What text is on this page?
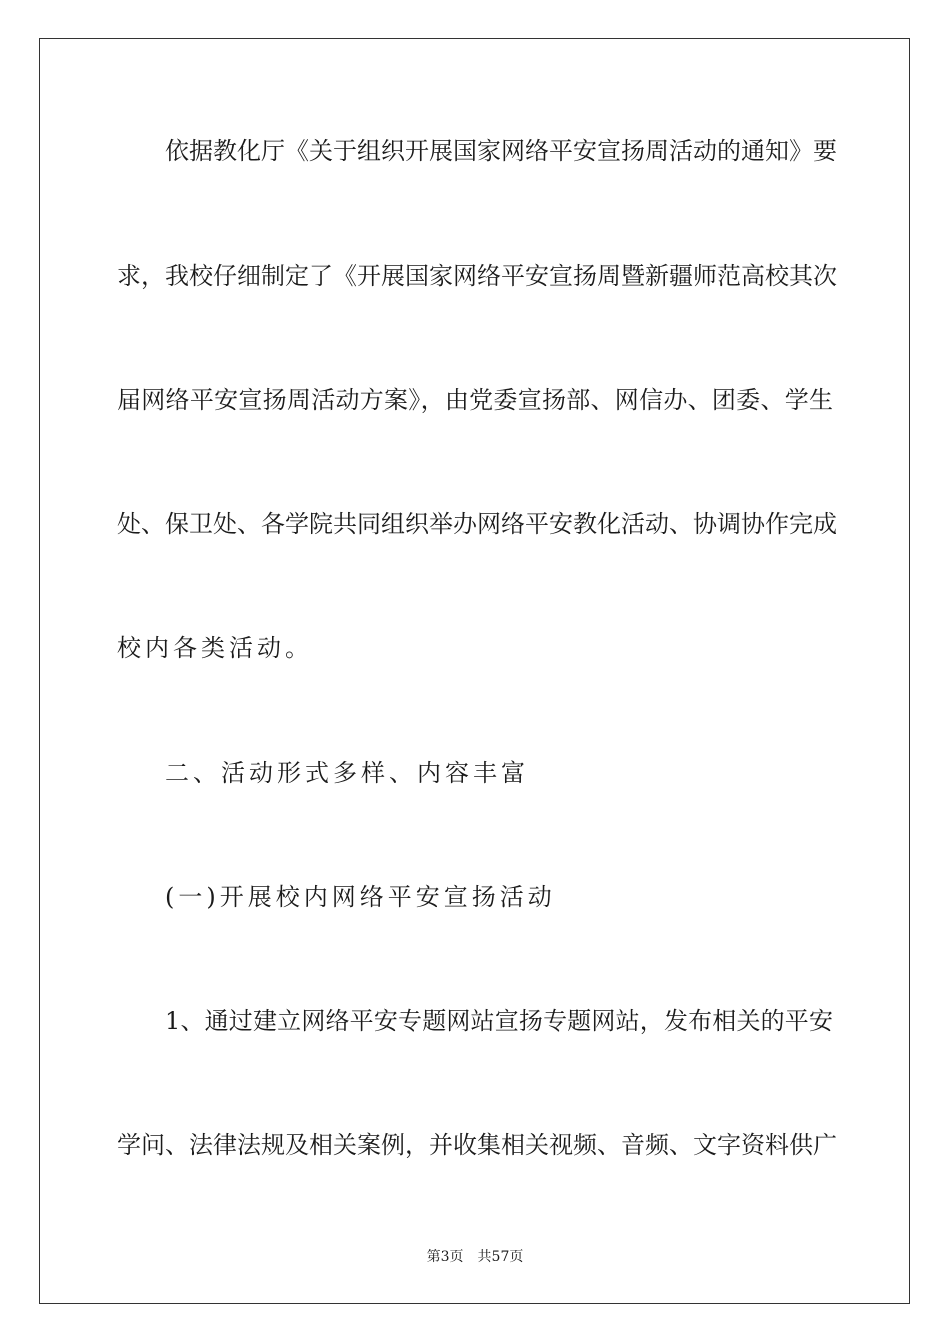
依据教化厅《关于组织开展国家网络平安宣扬周活动的通知》要
求，我校仔细制定了《开展国家网络平安宣扬周暨新疆师范高校其次
届网络平安宣扬周活动方案》，由党委宣扬部、网信办、团委、学生
处、保卫处、各学院共同组织举办网络平安教化活动、协调协作完成
校内各类活动。
二、活动形式多样、内容丰富
(一)开展校内网络平安宣扬活动
1、通过建立网络平安专题网站宣扬专题网站，发布相关的平安
学问、法律法规及相关案例，并收集相关视频、音频、文字资料供广
第3页 共57页
